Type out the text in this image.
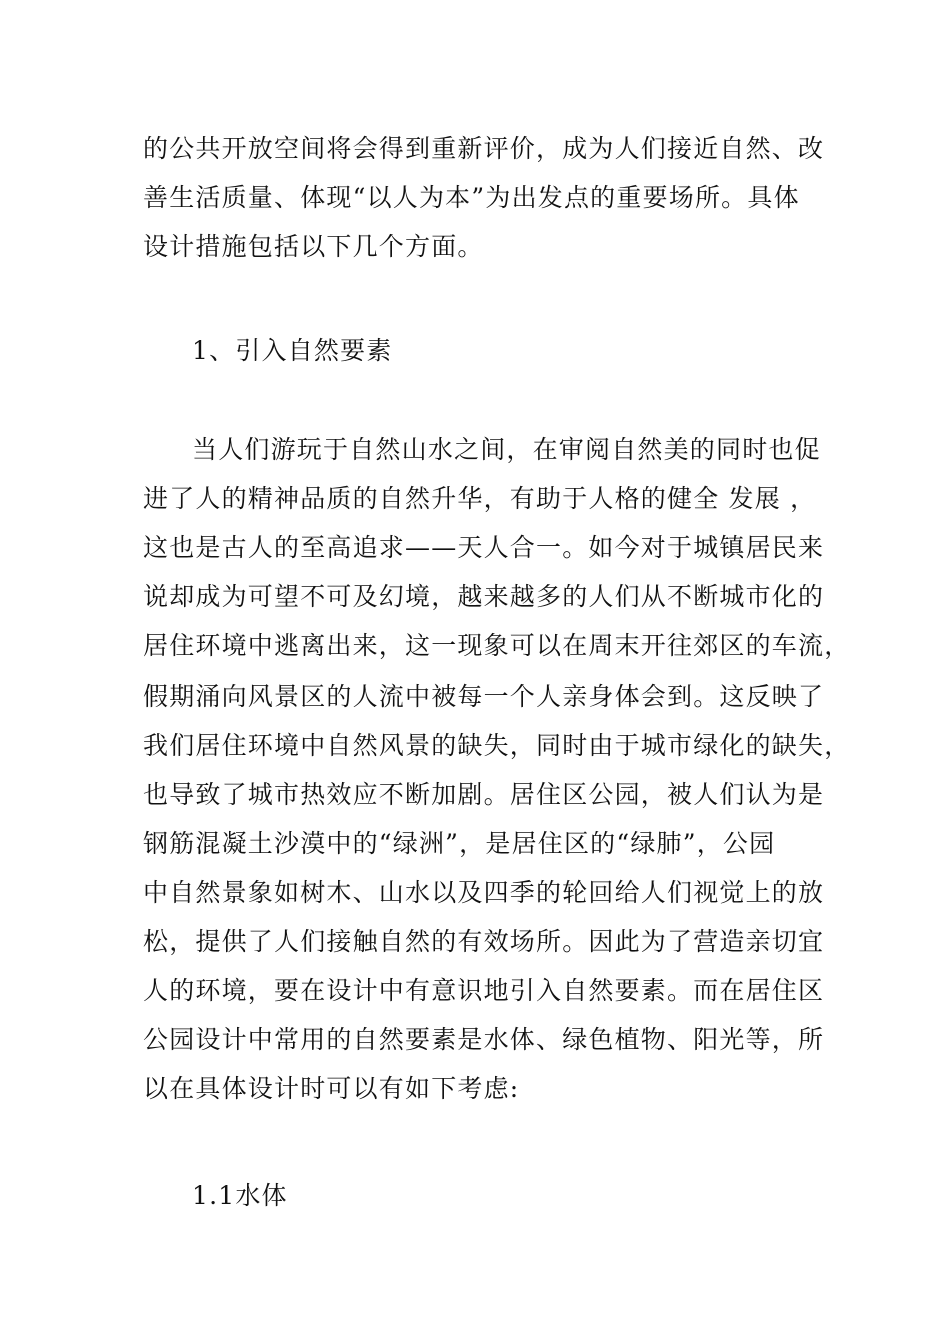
的公共开放空间将会得到重新评价，成为人们接近自然、改
善生活质量、体现“以人为本”为出发点的重要场所。具体
设计措施包括以下几个方面。
1、引入自然要素
当人们游玩于自然山水之间，在审阅自然美的同时也促
进了人的精神品质的自然升华，有助于人格的健全 发展 ，
这也是古人的至高追求——天人合一。如今对于城镇居民来
说却成为可望不可及幻境，越来越多的人们从不断城市化的
居住环境中逃离出来，这一现象可以在周末开往郊区的车流，
假期涌向风景区的人流中被每一个人亲身体会到。这反映了
我们居住环境中自然风景的缺失，同时由于城市绿化的缺失，
也导致了城市热效应不断加剧。居住区公园，被人们认为是
钢筋混凝土沙漠中的“绿洲”，是居住区的“绿肺”，公园
中自然景象如树木、山水以及四季的轮回给人们视觉上的放
松，提供了人们接触自然的有效场所。因此为了营造亲切宜
人的环境，要在设计中有意识地引入自然要素。而在居住区
公园设计中常用的自然要素是水体、绿色植物、阳光等，所
以在具体设计时可以有如下考虑:
1.1水体
